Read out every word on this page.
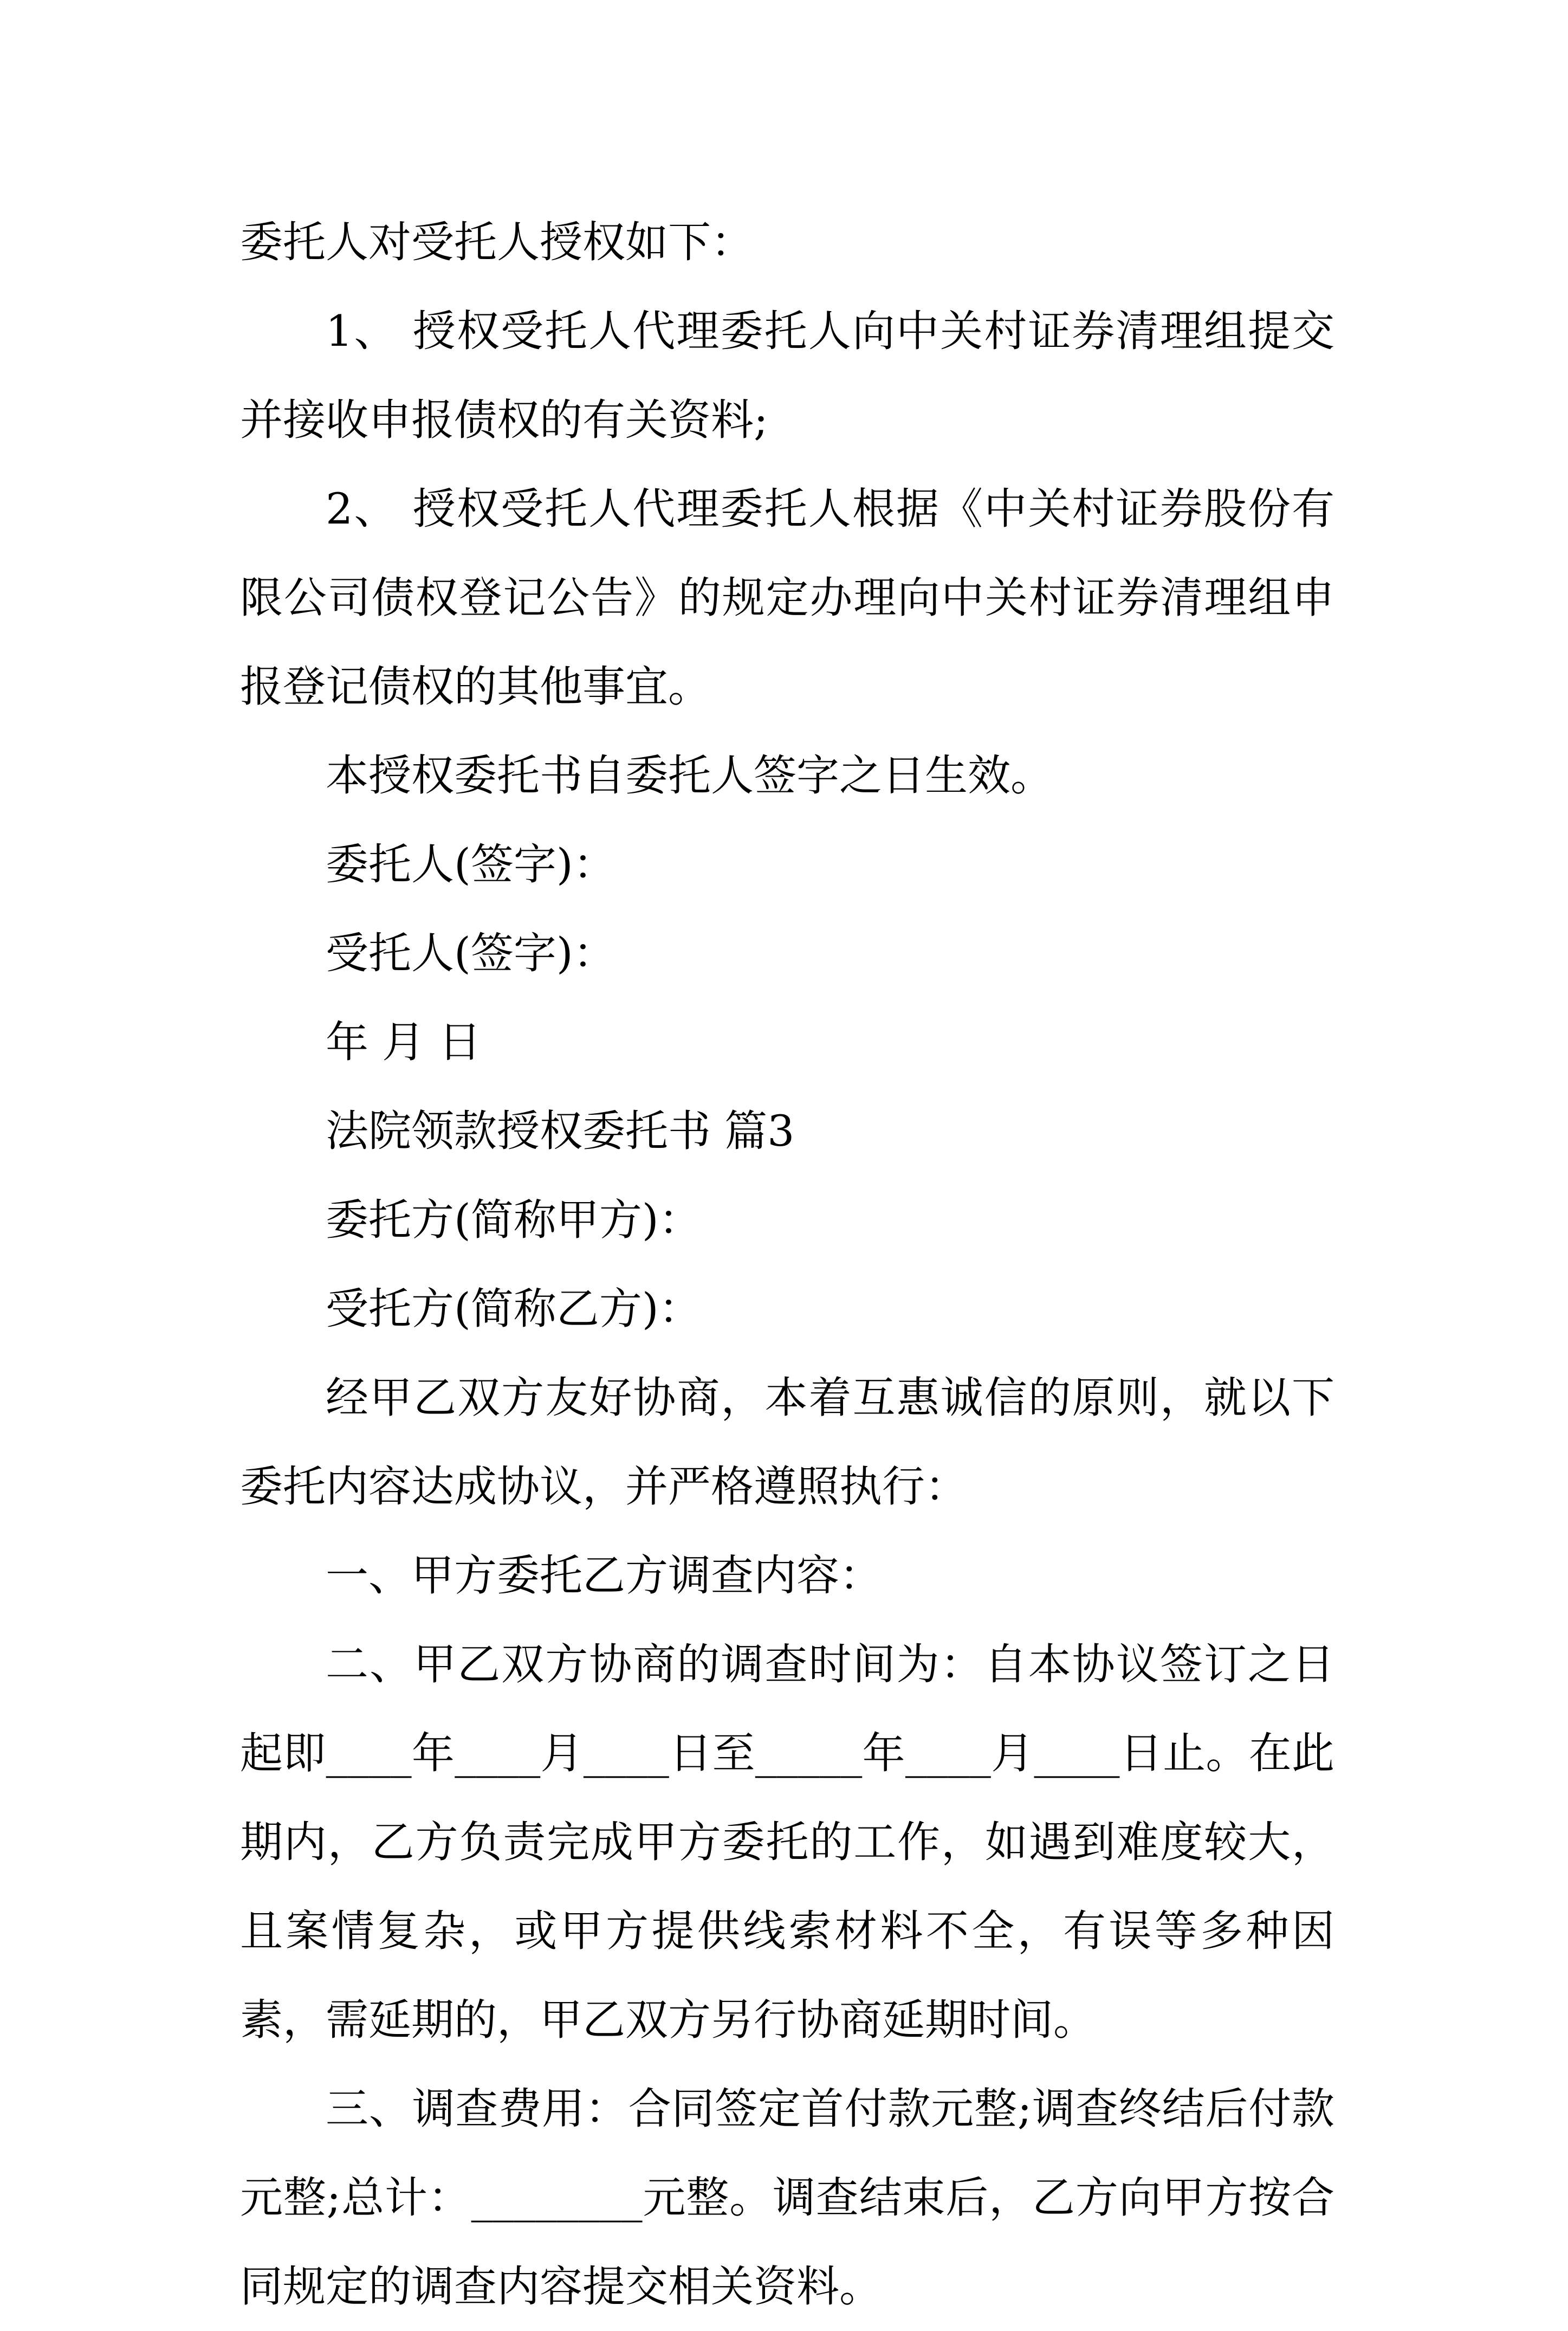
委托人对受托人授权如下：

1、 授权受托人代理委托人向中关村证券清理组提交并接收申报债权的有关资料;

2、 授权受托人代理委托人根据《中关村证券股份有限公司债权登记公告》的规定办理向中关村证券清理组申报登记债权的其他事宜。

本授权委托书自委托人签字之日生效。

委托人(签字)：

受托人(签字)：

年 月 日

法院领款授权委托书 篇3

委托方(简称甲方)：

受托方(简称乙方)：

经甲乙双方友好协商，本着互惠诚信的原则，就以下委托内容达成协议，并严格遵照执行：

一、甲方委托乙方调查内容：

二、甲乙双方协商的调查时间为：自本协议签订之日起即____年____月____日至_____年____月____日止。在此期内，乙方负责完成甲方委托的工作，如遇到难度较大，且案情复杂，或甲方提供线索材料不全，有误等多种因素，需延期的，甲乙双方另行协商延期时间。

三、调查费用：合同签定首付款元整;调查终结后付款元整;总计：________元整。调查结束后，乙方向甲方按合同规定的调查内容提交相关资料。
